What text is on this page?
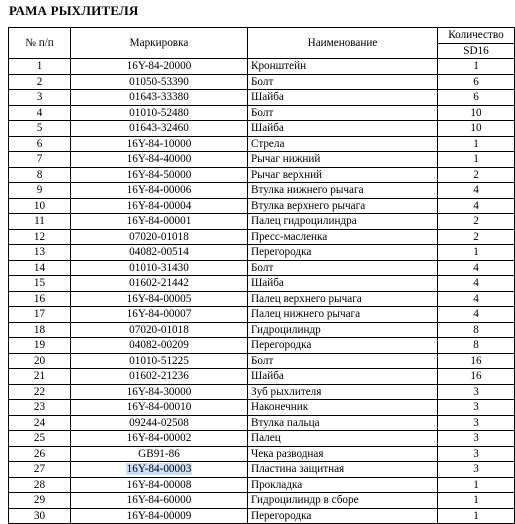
РАМА РЫХЛИТЕЛЯ
№ п/п	Маркировка	Наименование	Количество
			SD16
1	16Y-84-20000	Кронштейн	1
2	01050-53390	Болт	6
3	01643-33380	Шайба	6
4	01010-52480	Болт	10
5	01643-32460	Шайба	10
6	16Y-84-10000	Стрела	1
7	16Y-84-40000	Рычаг нижний	1
8	16Y-84-50000	Рычаг верхний	2
9	16Y-84-00006	Втулка нижнего рычага	4
10	16Y-84-00004	Втулка верхнего рычага	4
11	16Y-84-00001	Палец гидроцилиндра	2
12	07020-01018	Пресс-масленка	2
13	04082-00514	Перегородка	1
14	01010-31430	Болт	4
15	01602-21442	Шайба	4
16	16Y-84-00005	Палец верхнего рычага	4
17	16Y-84-00007	Палец нижнего рычага	4
18	07020-01018	Гидроцилиндр	8
19	04082-00209	Перегородка	8
20	01010-51225	Болт	16
21	01602-21236	Шайба	16
22	16Y-84-30000	Зуб рыхлителя	3
23	16Y-84-00010	Наконечник	3
24	09244-02508	Втулка пальца	3
25	16Y-84-00002	Палец	3
26	GB91-86	Чека разводная	3
27	16Y-84-00003	Пластина защитная	3
28	16Y-84-00008	Прокладка	1
29	16Y-84-60000	Гидроцилиндр в сборе	1
30	16Y-84-00009	Перегородка	1
